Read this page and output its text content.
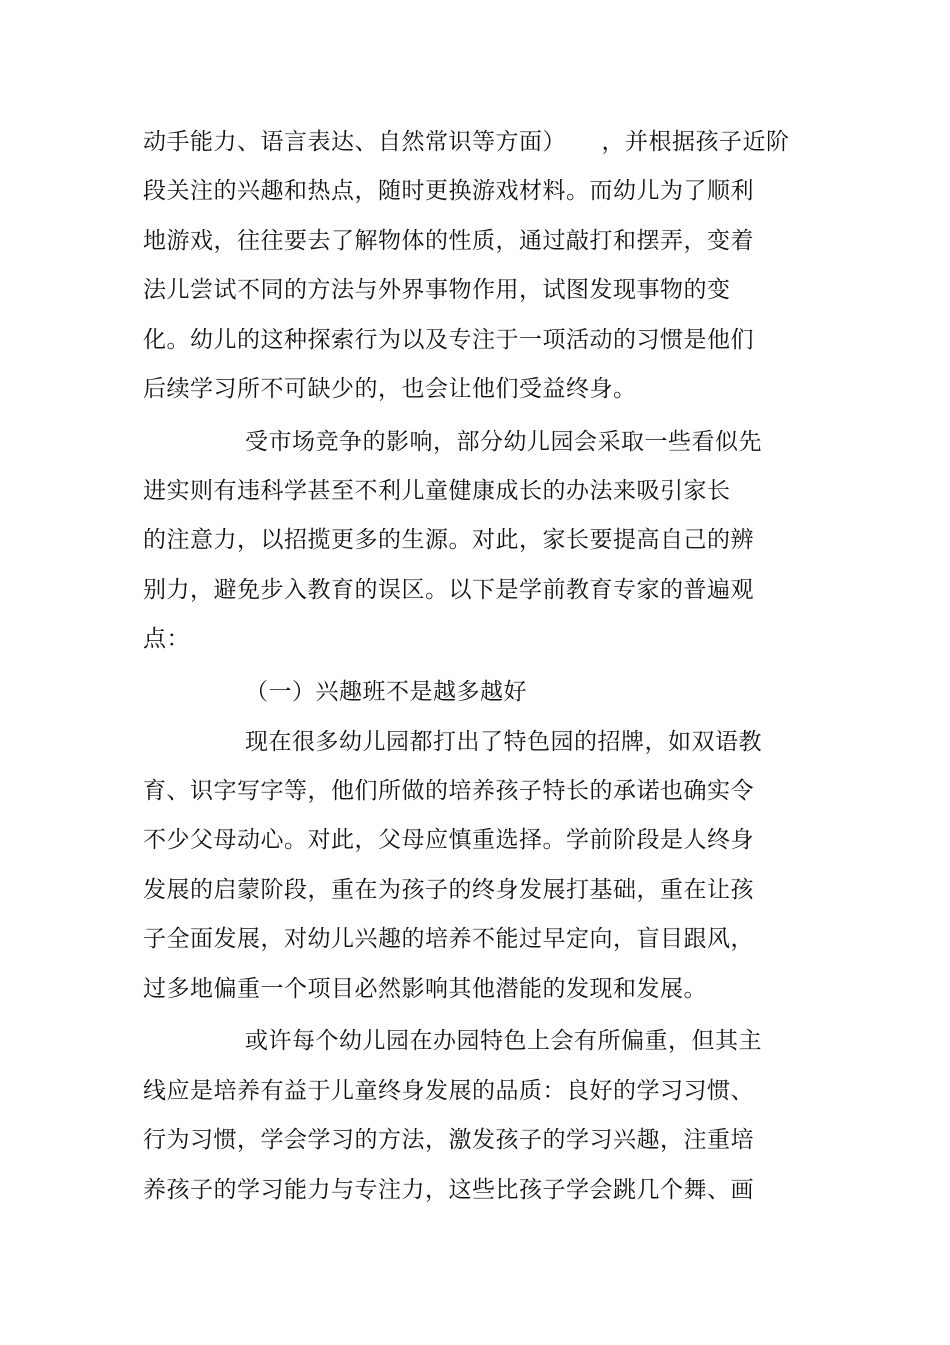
动手能力、语言表达、自然常识等方面）　　，并根据孩子近阶
段关注的兴趣和热点，随时更换游戏材料。而幼儿为了顺利
地游戏，往往要去了解物体的性质，通过敲打和摆弄，变着
法儿尝试不同的方法与外界事物作用，试图发现事物的变
化。幼儿的这种探索行为以及专注于一项活动的习惯是他们
后续学习所不可缺少的，也会让他们受益终身。
受市场竞争的影响，部分幼儿园会采取一些看似先
进实则有违科学甚至不利儿童健康成长的办法来吸引家长
的注意力，以招揽更多的生源。对此，家长要提高自己的辨
别力，避免步入教育的误区。以下是学前教育专家的普遍观
点：
（一）兴趣班不是越多越好
现在很多幼儿园都打出了特色园的招牌，如双语教
育、识字写字等，他们所做的培养孩子特长的承诺也确实令
不少父母动心。对此，父母应慎重选择。学前阶段是人终身
发展的启蒙阶段，重在为孩子的终身发展打基础，重在让孩
子全面发展，对幼儿兴趣的培养不能过早定向，盲目跟风，
过多地偏重一个项目必然影响其他潜能的发现和发展。
或许每个幼儿园在办园特色上会有所偏重，但其主
线应是培养有益于儿童终身发展的品质：良好的学习习惯、
行为习惯，学会学习的方法，激发孩子的学习兴趣，注重培
养孩子的学习能力与专注力，这些比孩子学会跳几个舞、画
